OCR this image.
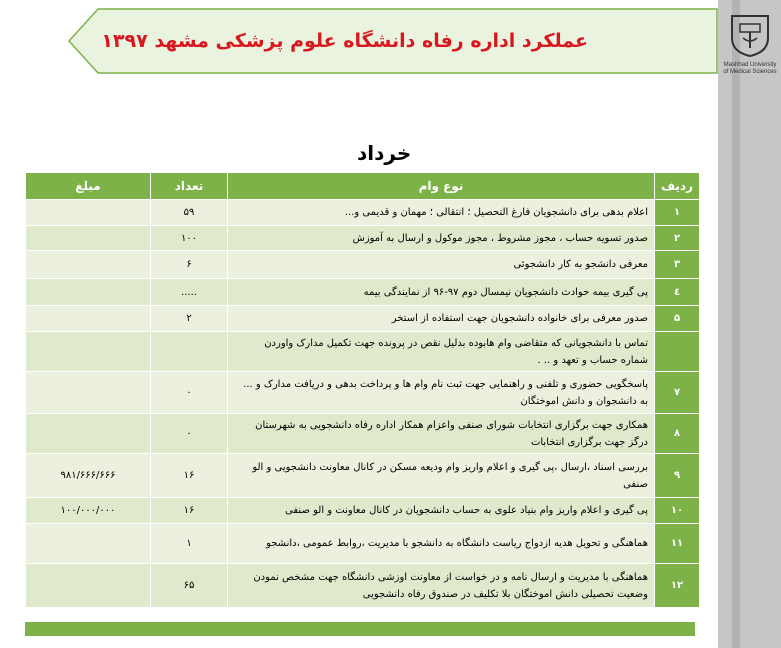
عملکرد اداره رفاه دانشگاه علوم پزشکی مشهد ۱۳۹۷
Mashhad University of Medical Sciences
خرداد
ردیف	نوع وام	تعداد	مبلغ
۱	اعلام بدهی برای دانشجویان فارغ التحصیل ؛ انتقالی ؛ مهمان و قدیمی و...	۵۹	
۲	صدور تسویه حساب ، مجوز مشروط ، مجوز موکول و ارسال به آموزش	۱۰۰	
۳	معرفی دانشجو به کار دانشجوئی	۶	
٤	پی گیری بیمه حوادث دانشجویان نیمسال دوم ۹۷-۹۶ از نمایندگی بیمه	.....	
۵	صدور معرفی برای خانواده دانشجویان جهت استفاده از استخر	۲	
	تماس با دانشجویانی که متقاضی وام هابوده بدلیل نقص در پرونده جهت تکمیل مدارک واوردن شماره حساب و تعهد و .. .		
۷	پاسخگویی حضوری و تلفنی و راهنمایی جهت ثبت نام وام ها و پرداخت بدهی و دریافت مدارک و ... به دانشجوان و دانش اموختگان	۰	
۸	همکاری جهت برگزاری انتخابات شورای صنفی واعزام همکار اداره رفاه دانشجویی به شهرستان درگز جهت برگزاری انتخابات	۰	
۹	بررسی اسناد ،ارسال ،پی گیری و اعلام واریز وام ودیعه مسکن در کانال معاونت دانشجویی و الو صنفی	۱۶	۹۸۱/۶۶۶/۶۶۶
۱۰	پی گیری و اعلام واریز وام بنیاد علوی به حساب دانشجویان در کانال معاونت و الو صنفی	۱۶	۱۰۰/۰۰۰/۰۰۰
۱۱	هماهنگی و تحویل هدیه ازدواج ریاست دانشگاه به دانشجو با مدیریت ،روابط عمومی ،دانشجو	۱	
۱۲	هماهنگی با مدیریت و ارسال نامه و در خواست از معاونت اوزشی دانشگاه جهت مشخص نمودن وضعیت تحصیلی دانش اموختگان بلا تکلیف در صندوق رفاه دانشجویی	۶۵	
